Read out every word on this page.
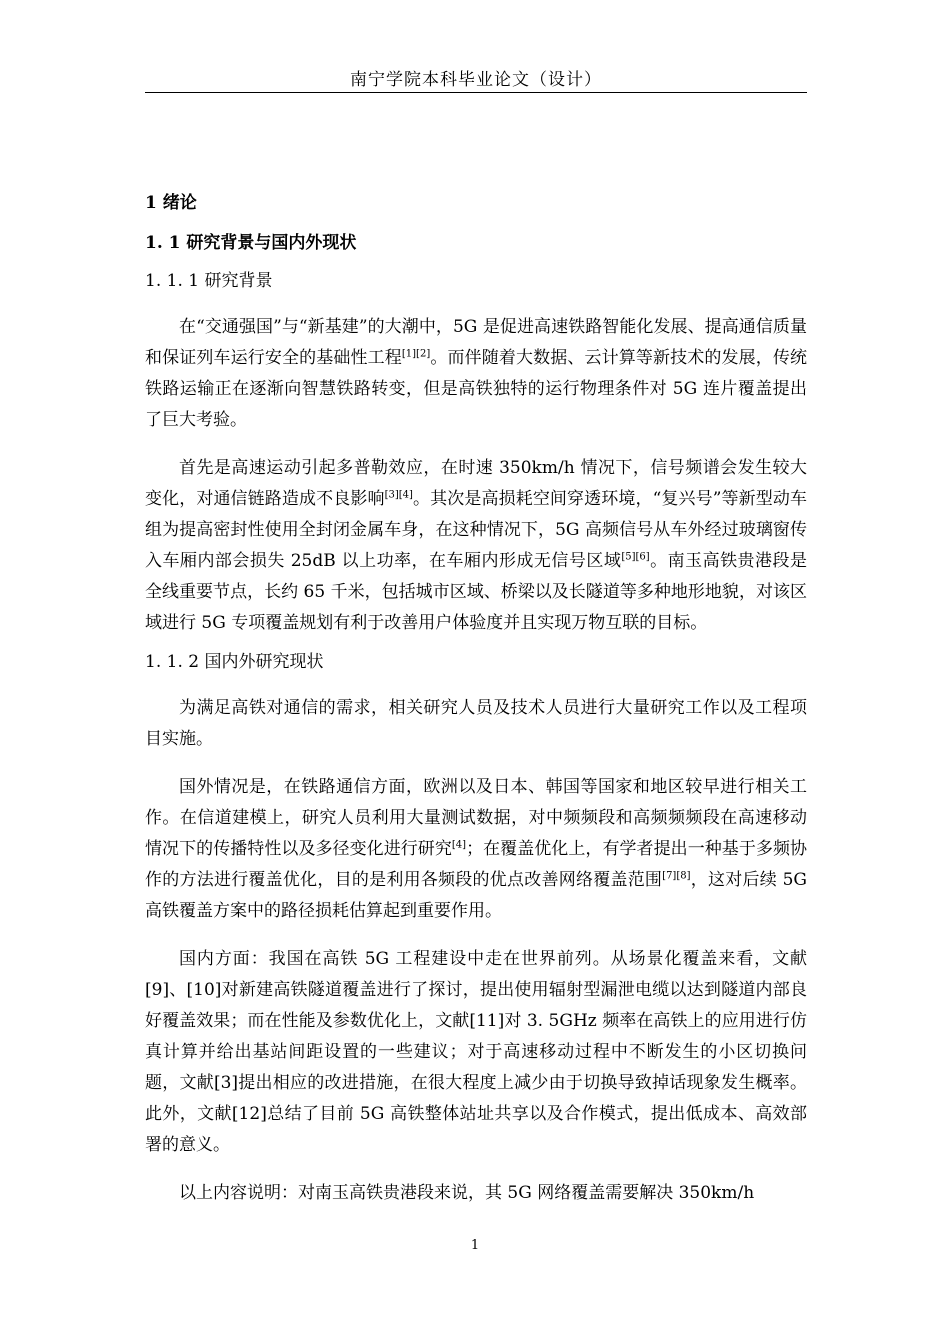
南宁学院本科毕业论文（设计）
1 绪论
1. 1 研究背景与国内外现状
1. 1. 1 研究背景

在“交通强国”与“新基建”的大潮中，5G 是促进高速铁路智能化发展、提高通信质量和保证列车运行安全的基础性工程[1][2]。而伴随着大数据、云计算等新技术的发展，传统铁路运输正在逐渐向智慧铁路转变，但是高铁独特的运行物理条件对 5G 连片覆盖提出了巨大考验。

首先是高速运动引起多普勒效应，在时速 350km/h 情况下，信号频谱会发生较大变化，对通信链路造成不良影响[3][4]。其次是高损耗空间穿透环境，“复兴号”等新型动车组为提高密封性使用全封闭金属车身，在这种情况下，5G 高频信号从车外经过玻璃窗传入车厢内部会损失 25dB 以上功率，在车厢内形成无信号区域[5][6]。南玉高铁贵港段是全线重要节点，长约 65 千米，包括城市区域、桥梁以及长隧道等多种地形地貌，对该区域进行 5G 专项覆盖规划有利于改善用户体验度并且实现万物互联的目标。

1. 1. 2 国内外研究现状

为满足高铁对通信的需求，相关研究人员及技术人员进行大量研究工作以及工程项目实施。

国外情况是，在铁路通信方面，欧洲以及日本、韩国等国家和地区较早进行相关工作。在信道建模上，研究人员利用大量测试数据，对中频频段和高频频频段在高速移动情况下的传播特性以及多径变化进行研究[4]；在覆盖优化上，有学者提出一种基于多频协作的方法进行覆盖优化，目的是利用各频段的优点改善网络覆盖范围[7][8]，这对后续 5G 高铁覆盖方案中的路径损耗估算起到重要作用。

国内方面：我国在高铁 5G 工程建设中走在世界前列。从场景化覆盖来看，文献[9]、[10]对新建高铁隧道覆盖进行了探讨，提出使用辐射型漏泄电缆以达到隧道内部良好覆盖效果；而在性能及参数优化上，文献[11]对 3. 5GHz 频率在高铁上的应用进行仿真计算并给出基站间距设置的一些建议；对于高速移动过程中不断发生的小区切换问题，文献[3]提出相应的改进措施，在很大程度上减少由于切换导致掉话现象发生概率。此外，文献[12]总结了目前 5G 高铁整体站址共享以及合作模式，提出低成本、高效部署的意义。

以上内容说明：对南玉高铁贵港段来说，其 5G 网络覆盖需要解决 350km/h

1
